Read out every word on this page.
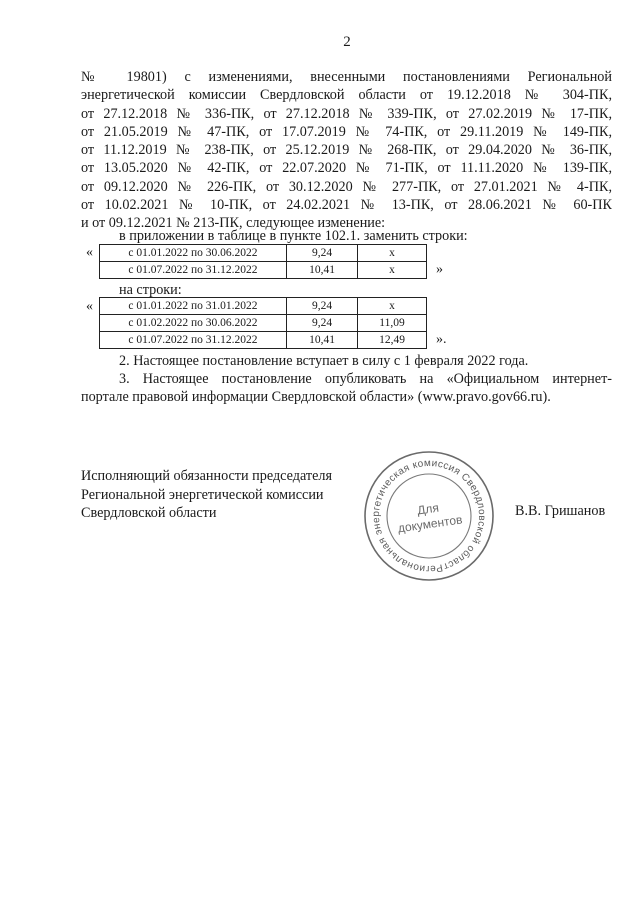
2
№ 19801) с изменениями, внесенными постановлениями Региональной
энергетической комиссии Свердловской области от 19.12.2018 № 304-ПК,
от 27.12.2018 № 336-ПК, от 27.12.2018 № 339-ПК, от 27.02.2019 № 17-ПК,
от 21.05.2019 № 47-ПК, от 17.07.2019 № 74-ПК, от 29.11.2019 № 149-ПК,
от 11.12.2019 № 238-ПК, от 25.12.2019 № 268-ПК, от 29.04.2020 № 36-ПК,
от 13.05.2020 № 42-ПК, от 22.07.2020 № 71-ПК, от 11.11.2020 № 139-ПК,
от 09.12.2020 № 226-ПК, от 30.12.2020 № 277-ПК, от 27.01.2021 № 4-ПК,
от 10.02.2021 № 10-ПК, от 24.02.2021 № 13-ПК, от 28.06.2021 № 60-ПК
и от 09.12.2021 № 213-ПК, следующее изменение:
в приложении в таблице в пункте 102.1. заменить строки:
«	с 01.01.2022 по 30.06.2022	9,24	x
с 01.07.2022 по 31.12.2022	10,41	x	»
на строки:
«	с 01.01.2022 по 31.01.2022	9,24	x
с 01.02.2022 по 30.06.2022	9,24	11,09
с 01.07.2022 по 31.12.2022	10,41	12,49 ».
2. Настоящее постановление вступает в силу с 1 февраля 2022 года.
3. Настоящее постановление опубликовать на «Официальном интернет-
портале правовой информации Свердловской области» (www.pravo.gov66.ru).
Исполняющий обязанности председателя
Региональной энергетической комиссии
Свердловской области
Региональная энергетическая комиссия Свердловской области
Для
документов
В.В. Гришанов
